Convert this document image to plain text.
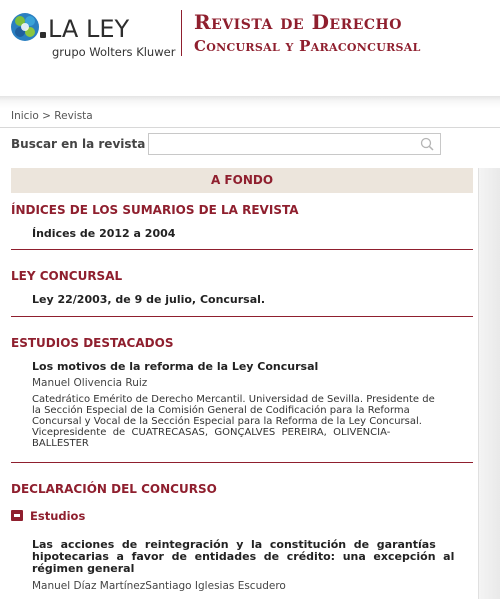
LA LEY
grupo Wolters Kluwer
Revista de Derecho
Concursal y Paraconcursal
Inicio > Revista
Buscar en la revista
A FONDO
ÍNDICES DE LOS SUMARIOS DE LA REVISTA
Índices de 2012 a 2004
LEY CONCURSAL
Ley 22/2003, de 9 de julio, Concursal.
ESTUDIOS DESTACADOS
Los motivos de la reforma de la Ley Concursal
Manuel Olivencia Ruiz
Catedrático Emérito de Derecho Mercantil. Universidad de Sevilla. Presidente de
la Sección Especial de la Comisión General de Codificación para la Reforma
Concursal y Vocal de la Sección Especial para la Reforma de la Ley Concursal.
Vicepresidente  de  CUATRECASAS,  GONÇALVES  PEREIRA,  OLIVENCIA-
BALLESTER
DECLARACIÓN DEL CONCURSO
Estudios
Las  acciones  de  reintegración  y  la  constitución  de  garantías
hipotecarias  a  favor  de  entidades  de  crédito:  una  excepción  al
régimen general
Manuel Díaz MartínezSantiago Iglesias Escudero
